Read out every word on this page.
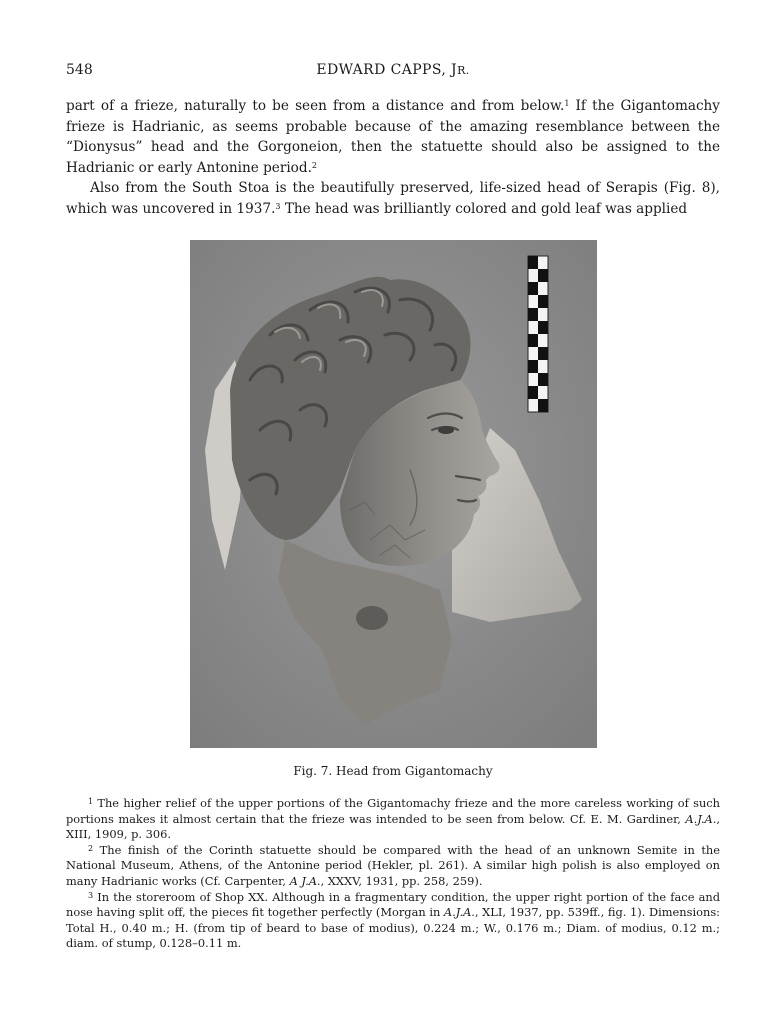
548	EDWARD CAPPS, JR.

part of a frieze, naturally to be seen from a distance and from below.$^1$ If the Gigantomachy frieze is Hadrianic, as seems probable because of the amazing resemblance between the “Dionysus” head and the Gorgoneion, then the statuette should also be assigned to the Hadrianic or early Antonine period.$^2$

Also from the South Stoa is the beautifully preserved, life-sized head of Serapis (Fig. 8), which was uncovered in 1937.$^3$ The head was brilliantly colored and gold leaf was applied

Fig. 7. Head from Gigantomachy

$^1$ The higher relief of the upper portions of the Gigantomachy frieze and the more careless working of such portions makes it almost certain that the frieze was intended to be seen from below. Cf. E. M. Gardiner, A.J.A., XIII, 1909, p. 306.

$^2$ The finish of the Corinth statuette should be compared with the head of an unknown Semite in the National Museum, Athens, of the Antonine period (Hekler, pl. 261). A similar high polish is also employed on many Hadrianic works (Cf. Carpenter, A J.A., XXXV, 1931, pp. 258, 259).

$^3$ In the storeroom of Shop XX. Although in a fragmentary condition, the upper right portion of the face and nose having split off, the pieces fit together perfectly (Morgan in A.J.A., XLI, 1937, pp. 539ff., fig. 1). Dimensions: Total H., 0.40 m.; H. (from tip of beard to base of modius), 0.224 m.; W., 0.176 m.; Diam. of modius, 0.12 m.; diam. of stump, 0.128–0.11 m.
